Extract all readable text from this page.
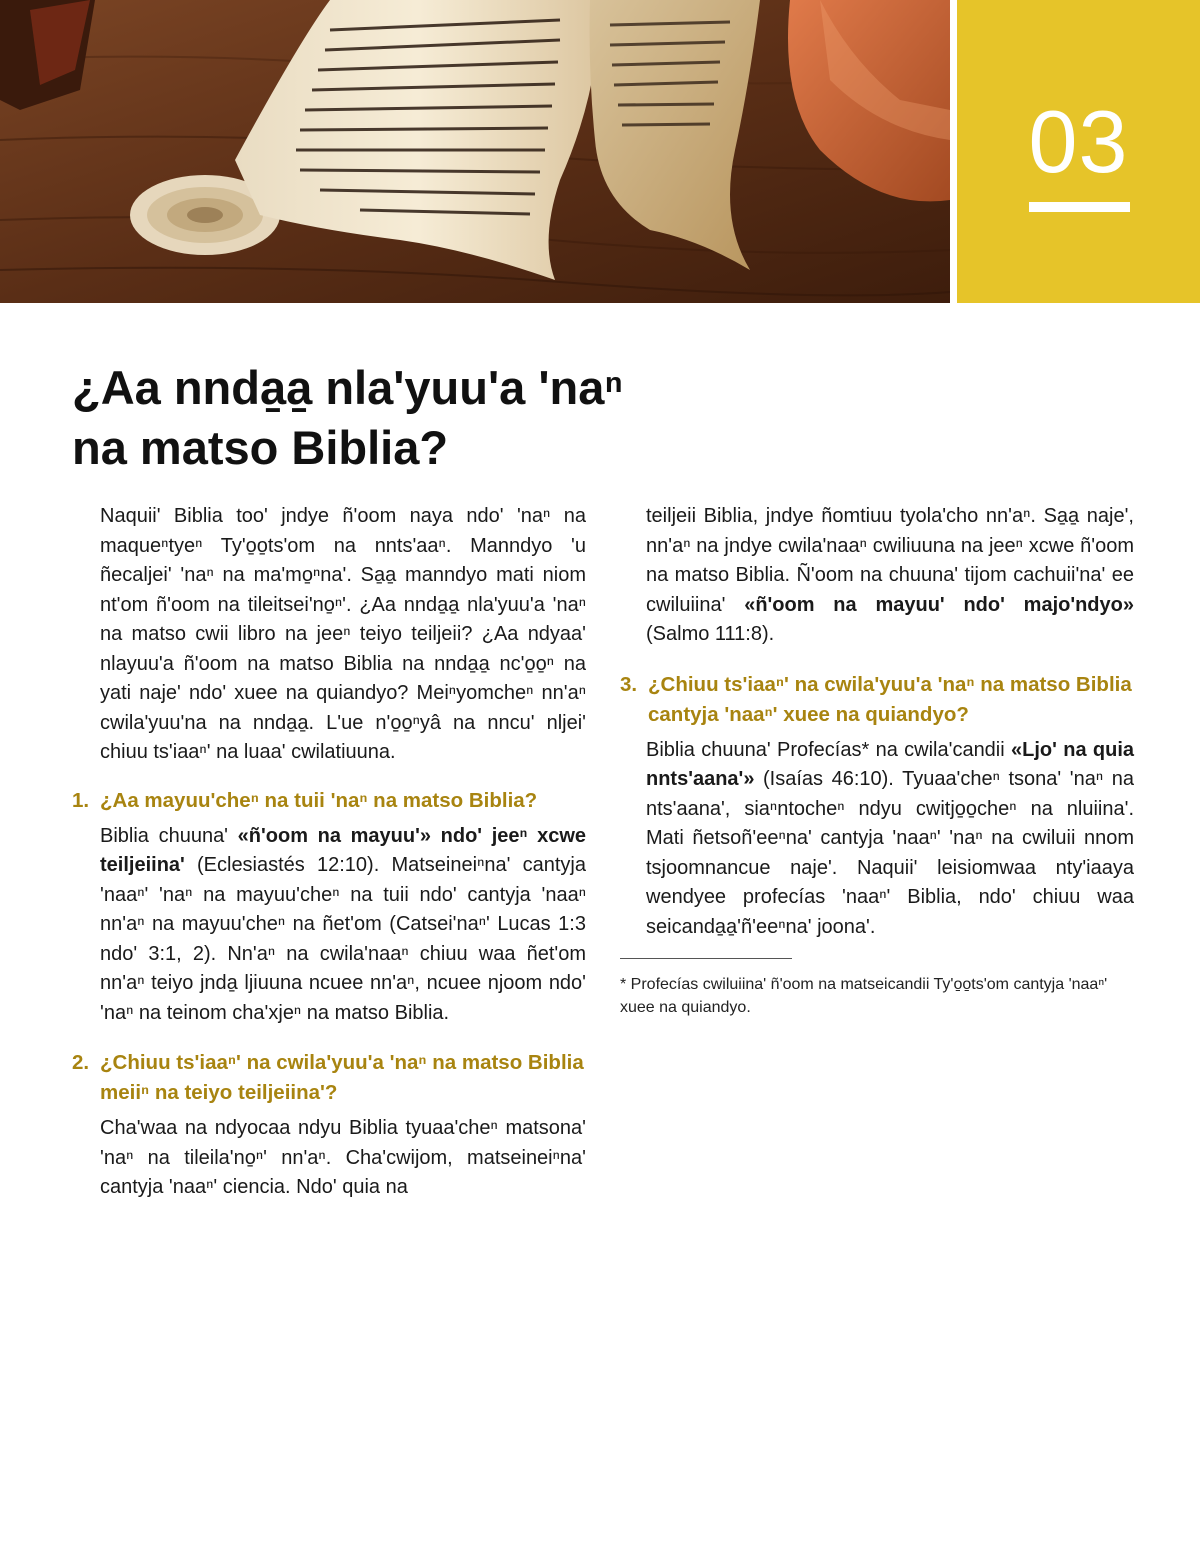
03
¿Aa nnda̱a̱ nla'yuu'a 'naⁿ
na matso Biblia?

Naquii' Biblia too' jndye ñ'oom naya ndo' 'naⁿ na maqueⁿtyeⁿ Ty'o̱o̱ts'om na nnts'aaⁿ. Manndyo 'u ñecaljei' 'naⁿ na ma'mo̱ⁿna'. Sa̱a̱ manndyo mati niom nt'om ñ'oom na tileitsei'no̱ⁿ'. ¿Aa nnda̱a̱ nla'yuu'a 'naⁿ na matso cwii libro na jeeⁿ teiyo teiljeii? ¿Aa ndyaa' nlayuu'a ñ'oom na matso Biblia na nnda̱a̱ nc'o̱o̱ⁿ na yati naje' ndo' xuee na quiandyo? Meiⁿyomcheⁿ nn'aⁿ cwila'yuu'na na nnda̱a̱. L'ue n'o̱o̱ⁿyâ na nncu' nljei' chiuu ts'iaaⁿ' na luaa' cwilatiuuna.

1. ¿Aa mayuu'cheⁿ na tuii 'naⁿ na matso Biblia?

Biblia chuuna' «ñ'oom na mayuu'» ndo' jeeⁿ xcwe teiljeiina' (Eclesiastés 12:10). Matseineiⁿna' cantyja 'naaⁿ' 'naⁿ na mayuu'cheⁿ na tuii ndo' cantyja 'naaⁿ nn'aⁿ na mayuu'cheⁿ na ñet'om (Catsei'naⁿ' Lucas 1:3 ndo' 3:1, 2). Nn'aⁿ na cwila'naaⁿ chiuu waa ñet'om nn'aⁿ teiyo jnda̱ ljiuuna ncuee nn'aⁿ, ncuee njoom ndo' 'naⁿ na teinom cha'xjeⁿ na matso Biblia.

2. ¿Chiuu ts'iaaⁿ' na cwila'yuu'a 'naⁿ na matso Biblia meiiⁿ na teiyo teiljeiina'?

Cha'waa na ndyocaa ndyu Biblia tyuaa'cheⁿ matsona' 'naⁿ na tileila'no̱ⁿ' nn'aⁿ. Cha'cwijom, matseineiⁿna' cantyja 'naaⁿ' ciencia. Ndo' quia na

teiljeii Biblia, jndye ñomtiuu tyola'cho nn'aⁿ. Sa̱a̱ naje', nn'aⁿ na jndye cwila'naaⁿ cwiliuuna na jeeⁿ xcwe ñ'oom na matso Biblia. Ñ'oom na chuuna' tijom cachuii'na' ee cwiluiina' «ñ'oom na mayuu' ndo' majo'ndyo» (Salmo 111:8).

3. ¿Chiuu ts'iaaⁿ' na cwila'yuu'a 'naⁿ na matso Biblia cantyja 'naaⁿ' xuee na quiandyo?

Biblia chuuna' Profecías* na cwila'candii «Ljo' na quia nnts'aana'» (Isaías 46:10). Tyuaa'cheⁿ tsona' 'naⁿ na nts'aana', siaⁿntocheⁿ ndyu cwitjo̱o̱cheⁿ na nluiina'. Mati ñetsoñ'eeⁿna' cantyja 'naaⁿ' 'naⁿ na cwiluii nnom tsjoomnancue naje'. Naquii' leisiomwaa nty'iaaya wendyee profecías 'naaⁿ' Biblia, ndo' chiuu waa seicanda̱a̱'ñ'eeⁿna' joona'.

* Profecías cwiluiina' ñ'oom na matseicandii Ty'o̱o̱ts'om cantyja 'naaⁿ' xuee na quiandyo.
